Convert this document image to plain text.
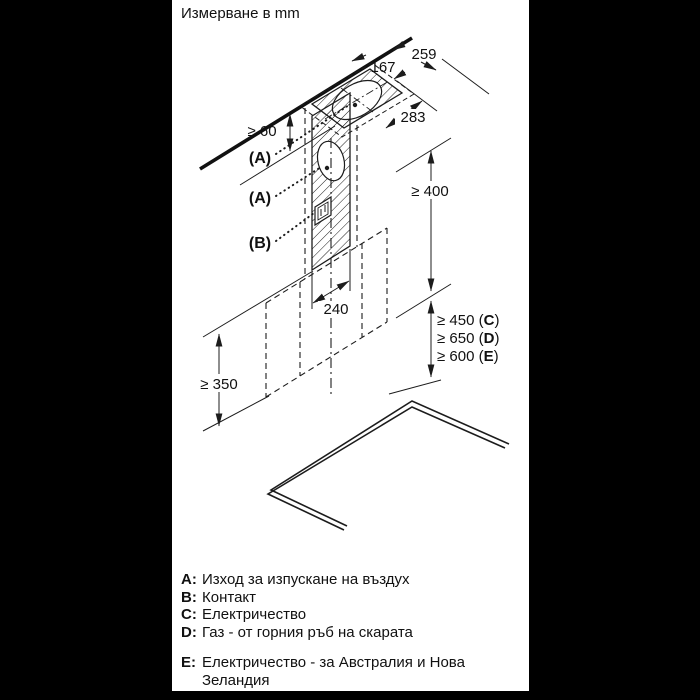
Измерване в mm
259
167
283
≥ 60
(A)
(A)
(B)
≥ 400
240
≥ 450 (C)
≥ 650 (D)
≥ 600 (E)
≥ 350
A: Изход за изпускане на въздух
B: Контакт
C: Електричество
D: Газ - от горния ръб на скарата
E: Електричество - за Австралия и Нова
Зеландия
